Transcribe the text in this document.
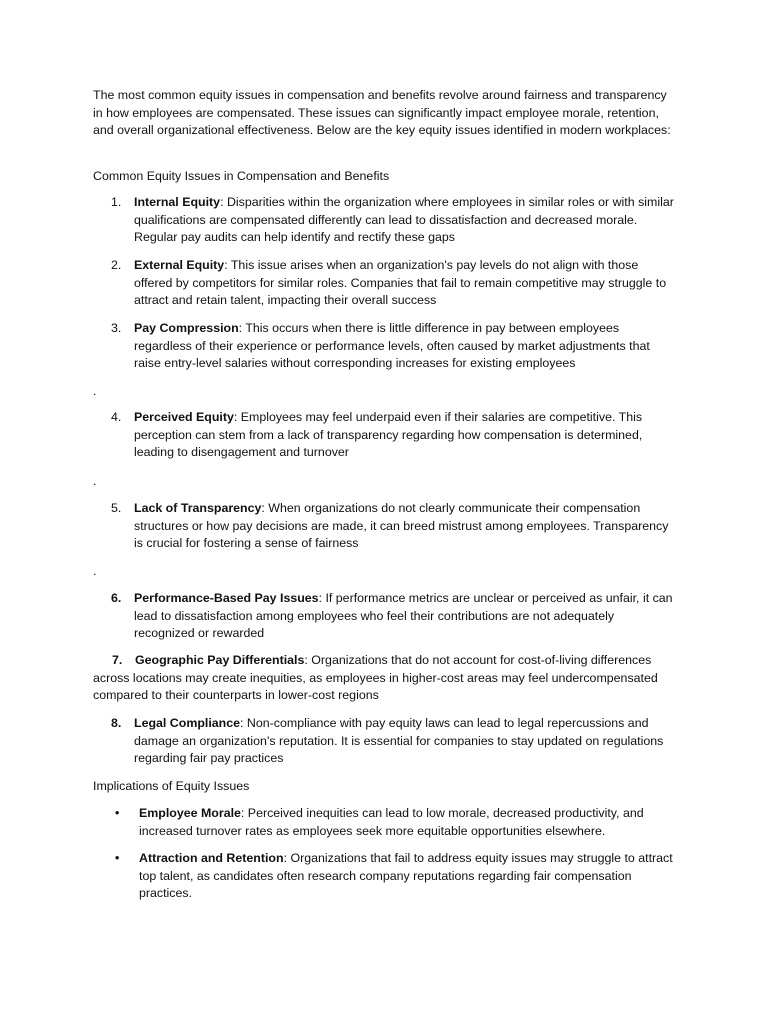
The most common equity issues in compensation and benefits revolve around fairness and transparency in how employees are compensated. These issues can significantly impact employee morale, retention, and overall organizational effectiveness. Below are the key equity issues identified in modern workplaces:

Common Equity Issues in Compensation and Benefits

1.	Internal Equity: Disparities within the organization where employees in similar roles or with similar qualifications are compensated differently can lead to dissatisfaction and decreased morale. Regular pay audits can help identify and rectify these gaps
2.	External Equity: This issue arises when an organization's pay levels do not align with those offered by competitors for similar roles. Companies that fail to remain competitive may struggle to attract and retain talent, impacting their overall success
3.	Pay Compression: This occurs when there is little difference in pay between employees regardless of their experience or performance levels, often caused by market adjustments that raise entry-level salaries without corresponding increases for existing employees

.

4.	Perceived Equity: Employees may feel underpaid even if their salaries are competitive. This perception can stem from a lack of transparency regarding how compensation is determined, leading to disengagement and turnover

.

5.	Lack of Transparency: When organizations do not clearly communicate their compensation structures or how pay decisions are made, it can breed mistrust among employees. Transparency is crucial for fostering a sense of fairness

.

6.	Performance-Based Pay Issues: If performance metrics are unclear or perceived as unfair, it can lead to dissatisfaction among employees who feel their contributions are not adequately recognized or rewarded
7. Geographic Pay Differentials: Organizations that do not account for cost-of-living differences across locations may create inequities, as employees in higher-cost areas may feel undercompensated compared to their counterparts in lower-cost regions
8.	Legal Compliance: Non-compliance with pay equity laws can lead to legal repercussions and damage an organization's reputation. It is essential for companies to stay updated on regulations regarding fair pay practices

Implications of Equity Issues

• Employee Morale: Perceived inequities can lead to low morale, decreased productivity, and increased turnover rates as employees seek more equitable opportunities elsewhere.
• Attraction and Retention: Organizations that fail to address equity issues may struggle to attract top talent, as candidates often research company reputations regarding fair compensation practices.
